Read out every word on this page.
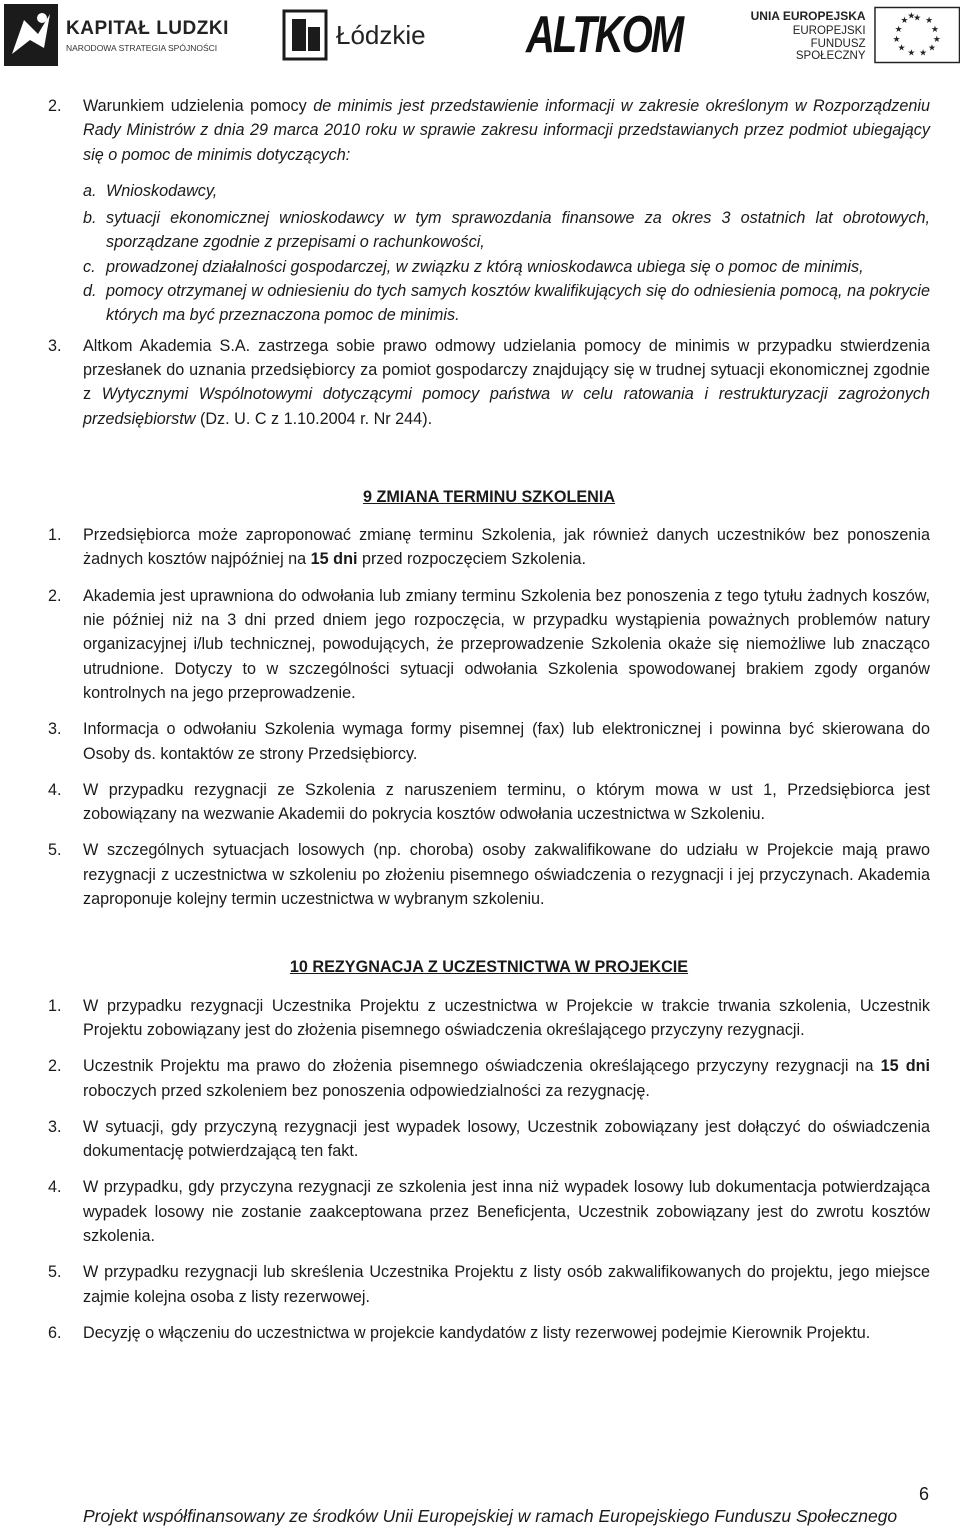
KAPITAŁ LUDZKI
NARODOWA STRATEGIA SPÓJNOŚCI	Łódzkie	ALTKOM	UNIA EUROPEJSKA
EUROPEJSKI
FUNDUSZ SPOŁECZNY
★ ★
★
★
★
★
★
★
★
★
★
★
2.	Warunkiem udzielenia pomocy de minimis jest przedstawienie informacji w zakresie określonym w Rozporządzeniu Rady Ministrów z dnia 29 marca 2010 roku w sprawie zakresu informacji przedstawianych przez podmiot ubiegający się o pomoc de minimis dotyczących:
a. Wnioskodawcy,
b. sytuacji ekonomicznej wnioskodawcy w tym sprawozdania finansowe za okres 3 ostatnich lat obrotowych, sporządzane zgodnie z przepisami o rachunkowości,
c. prowadzonej działalności gospodarczej, w związku z którą wnioskodawca ubiega się o pomoc de minimis,
d. pomocy otrzymanej w odniesieniu do tych samych kosztów kwalifikujących się do odniesienia pomocą, na pokrycie których ma być przeznaczona pomoc de minimis.
3.	Altkom Akademia S.A. zastrzega sobie prawo odmowy udzielania pomocy de minimis w przypadku stwierdzenia przesłanek do uznania przedsiębiorcy za pomiot gospodarczy znajdujący się w trudnej sytuacji ekonomicznej zgodnie z Wytycznymi Wspólnotowymi dotyczącymi pomocy państwa w celu ratowania i restrukturyzacji zagrożonych przedsiębiorstw (Dz. U. C z 1.10.2004 r. Nr 244).
9 ZMIANA TERMINU SZKOLENIA
1.	Przedsiębiorca może zaproponować zmianę terminu Szkolenia, jak również danych uczestników bez ponoszenia żadnych kosztów najpóźniej na 15 dni przed rozpoczęciem Szkolenia.
2.	Akademia jest uprawniona do odwołania lub zmiany terminu Szkolenia bez ponoszenia z tego tytułu żadnych koszów, nie później niż na 3 dni przed dniem jego rozpoczęcia, w przypadku wystąpienia poważnych problemów natury organizacyjnej i/lub technicznej, powodujących, że przeprowadzenie Szkolenia okaże się niemożliwe lub znacząco utrudnione. Dotyczy to w szczególności sytuacji odwołania Szkolenia spowodowanej brakiem zgody organów kontrolnych na jego przeprowadzenie.
3.	Informacja o odwołaniu Szkolenia wymaga formy pisemnej (fax) lub elektronicznej i powinna być skierowana do Osoby ds. kontaktów ze strony Przedsiębiorcy.
4.	W przypadku rezygnacji ze Szkolenia z naruszeniem terminu, o którym mowa w ust 1, Przedsiębiorca jest zobowiązany na wezwanie Akademii do pokrycia kosztów odwołania uczestnictwa w Szkoleniu.
5.	W szczególnych sytuacjach losowych (np. choroba) osoby zakwalifikowane do udziału w Projekcie mają prawo rezygnacji z uczestnictwa w szkoleniu po złożeniu pisemnego oświadczenia o rezygnacji i jej przyczynach. Akademia zaproponuje kolejny termin uczestnictwa w wybranym szkoleniu.
10 REZYGNACJA Z UCZESTNICTWA W PROJEKCIE
1.	W przypadku rezygnacji Uczestnika Projektu z uczestnictwa w Projekcie w trakcie trwania szkolenia, Uczestnik Projektu zobowiązany jest do złożenia pisemnego oświadczenia określającego przyczyny rezygnacji.
2.	Uczestnik Projektu ma prawo do złożenia pisemnego oświadczenia określającego przyczyny rezygnacji na 15 dni roboczych przed szkoleniem bez ponoszenia odpowiedzialności za rezygnację.
3.	W sytuacji, gdy przyczyną rezygnacji jest wypadek losowy, Uczestnik zobowiązany jest dołączyć do oświadczenia dokumentację potwierdzającą ten fakt.
4.	W przypadku, gdy przyczyna rezygnacji ze szkolenia jest inna niż wypadek losowy lub dokumentacja potwierdzająca wypadek losowy nie zostanie zaakceptowana przez Beneficjenta, Uczestnik zobowiązany jest do zwrotu kosztów szkolenia.
5.	W przypadku rezygnacji lub skreślenia Uczestnika Projektu z listy osób zakwalifikowanych do projektu, jego miejsce zajmie kolejna osoba z listy rezerwowej.
6.	Decyzję o włączeniu do uczestnictwa w projekcie kandydatów z listy rezerwowej podejmie Kierownik Projektu.
6
Projekt współfinansowany ze środków Unii Europejskiej w ramach Europejskiego Funduszu Społecznego
